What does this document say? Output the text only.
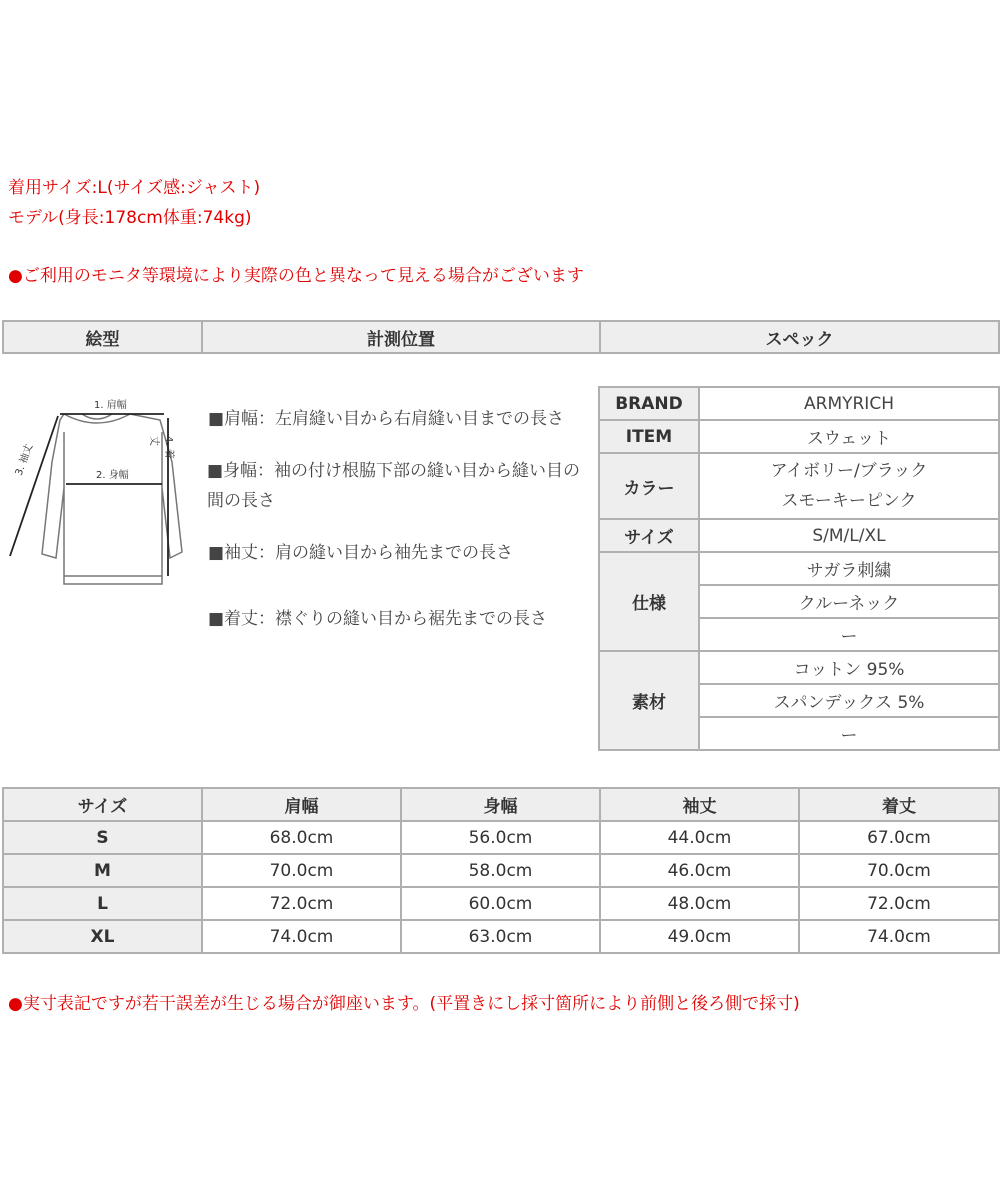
着用サイズ:L(サイズ感:ジャスト)
モデル(身長:178cm体重:74kg)
●ご利用のモニタ等環境により実際の色と異なって見える場合がございます
絵型	計測位置	スペック
1. 肩幅
2. 身幅
3. 袖丈	4. 着丈
■肩幅：左肩縫い目から右肩縫い目までの長さ
■身幅：袖の付け根脇下部の縫い目から縫い目の間の長さ
■袖丈：肩の縫い目から袖先までの長さ
■着丈：襟ぐりの縫い目から裾先までの長さ
BRAND	ARMYRICH
ITEM	スウェット
カラー	アイボリー/ブラック
スモーキーピンク

サイズ	S/M/L/XL
仕様	サガラ刺繍
	クルーネック
	ー
素材	コットン 95%
	スパンデックス 5%
	ー
サイズ	肩幅	身幅	袖丈	着丈
S	68.0cm	56.0cm	44.0cm	67.0cm
M	70.0cm	58.0cm	46.0cm	70.0cm
L	72.0cm	60.0cm	48.0cm	72.0cm
XL	74.0cm	63.0cm	49.0cm	74.0cm
●実寸表記ですが若干誤差が生じる場合が御座います。(平置きにし採寸箇所により前側と後ろ側で採寸)
